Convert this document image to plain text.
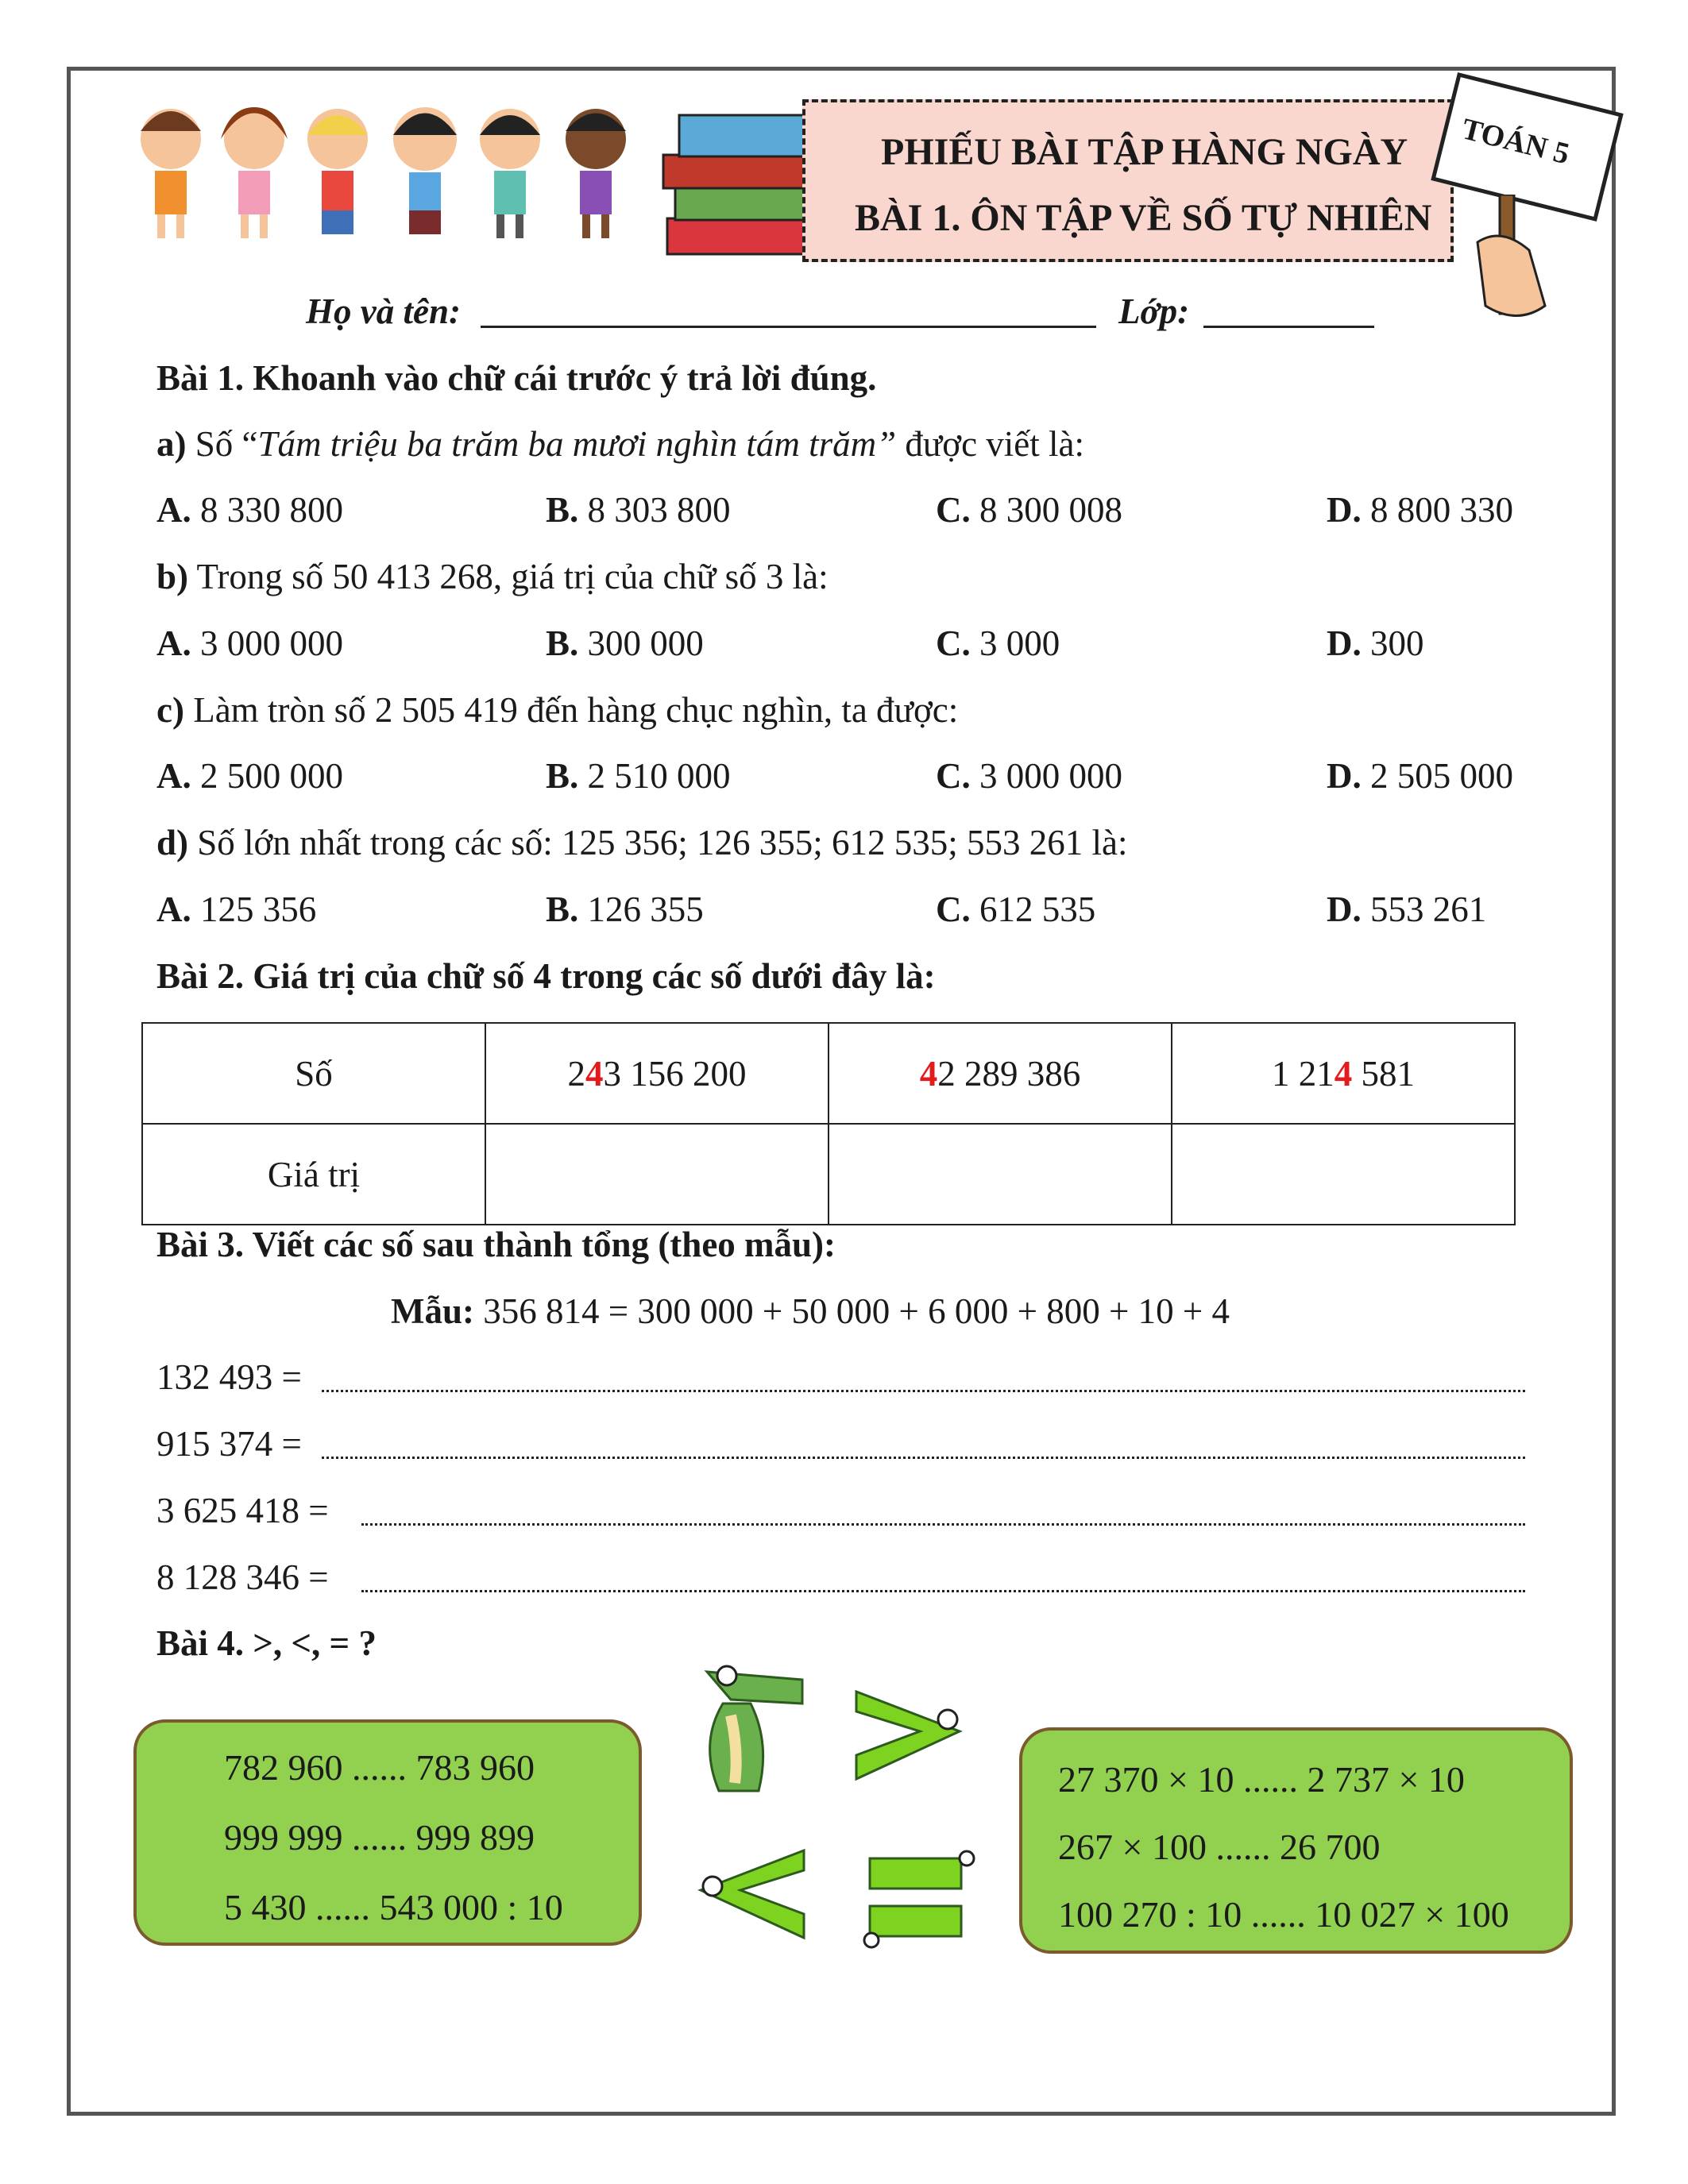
PHIẾU BÀI TẬP HÀNG NGÀY
BÀI 1. ÔN TẬP VỀ SỐ TỰ NHIÊN
TOÁN 5
Họ và tên:	Lớp:
Bài 1. Khoanh vào chữ cái trước ý trả lời đúng.
a) Số “Tám triệu ba trăm ba mươi nghìn tám trăm” được viết là:
A. 8 330 800	B. 8 303 800	C. 8 300 008	D. 8 800 330
b) Trong số 50 413 268, giá trị của chữ số 3 là:
A. 3 000 000	B. 300 000	C. 3 000	D. 300
c) Làm tròn số 2 505 419 đến hàng chục nghìn, ta được:
A. 2 500 000	B. 2 510 000	C. 3 000 000	D. 2 505 000
d) Số lớn nhất trong các số: 125 356; 126 355; 612 535; 553 261 là:
A. 125 356	B. 126 355	C. 612 535	D. 553 261
Bài 2. Giá trị của chữ số 4 trong các số dưới đây là:
Số	243 156 200	42 289 386	1 214 581
Giá trị			
Bài 3. Viết các số sau thành tổng (theo mẫu):
Mẫu: 356 814 = 300 000 + 50 000 + 6 000 + 800 + 10 + 4
132 493 =
915 374 =
3 625 418 =
8 128 346 =
Bài 4. >, <, = ?
782 960 ...... 783 960
999 999 ...... 999 899
5 430 ...... 543 000 : 10
27 370 × 10 ...... 2 737 × 10
267 × 100 ...... 26 700
100 270 : 10 ...... 10 027 × 100
